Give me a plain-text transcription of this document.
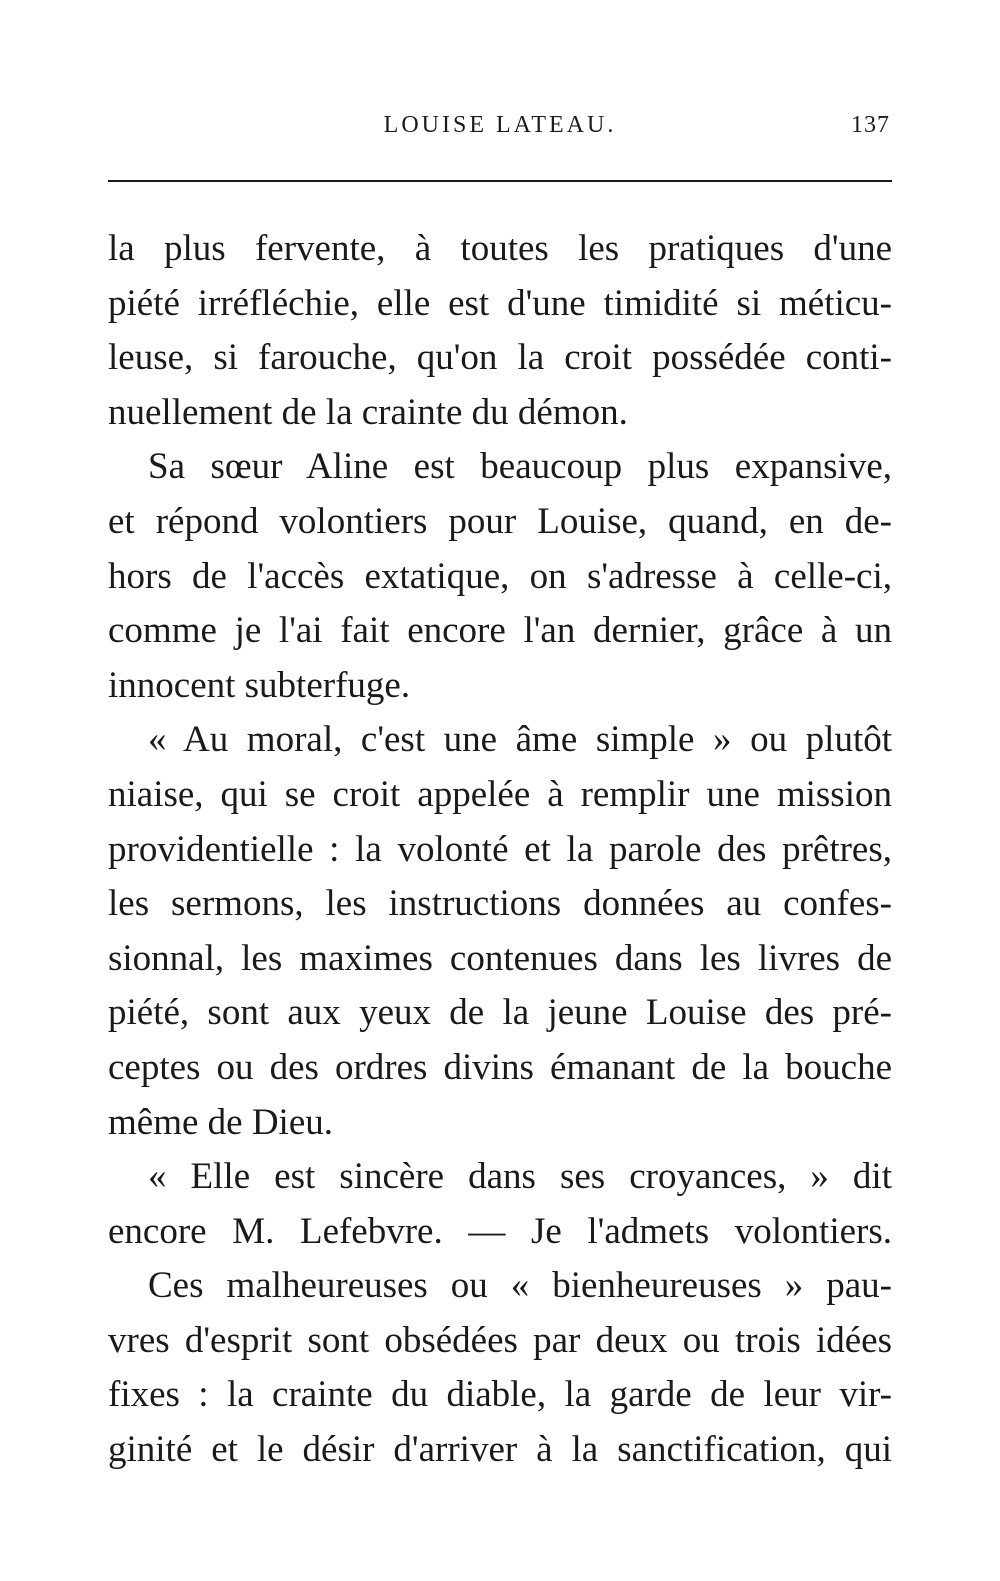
LOUISE LATEAU.	137
la plus fervente, à toutes les pratiques d'une
piété irréfléchie, elle est d'une timidité si méticu-
leuse, si farouche, qu'on la croit possédée conti-
nuellement de la crainte du démon.
Sa sœur Aline est beaucoup plus expansive,
et répond volontiers pour Louise, quand, en de-
hors de l'accès extatique, on s'adresse à celle-ci,
comme je l'ai fait encore l'an dernier, grâce à un
innocent subterfuge.
« Au moral, c'est une âme simple » ou plutôt
niaise, qui se croit appelée à remplir une mission
providentielle : la volonté et la parole des prêtres,
les sermons, les instructions données au confes-
sionnal, les maximes contenues dans les livres de
piété, sont aux yeux de la jeune Louise des pré-
ceptes ou des ordres divins émanant de la bouche
même de Dieu.
« Elle est sincère dans ses croyances, » dit
encore M. Lefebvre. — Je l'admets volontiers.
Ces malheureuses ou « bienheureuses » pau-
vres d'esprit sont obsédées par deux ou trois idées
fixes : la crainte du diable, la garde de leur vir-
ginité et le désir d'arriver à la sanctification, qui
